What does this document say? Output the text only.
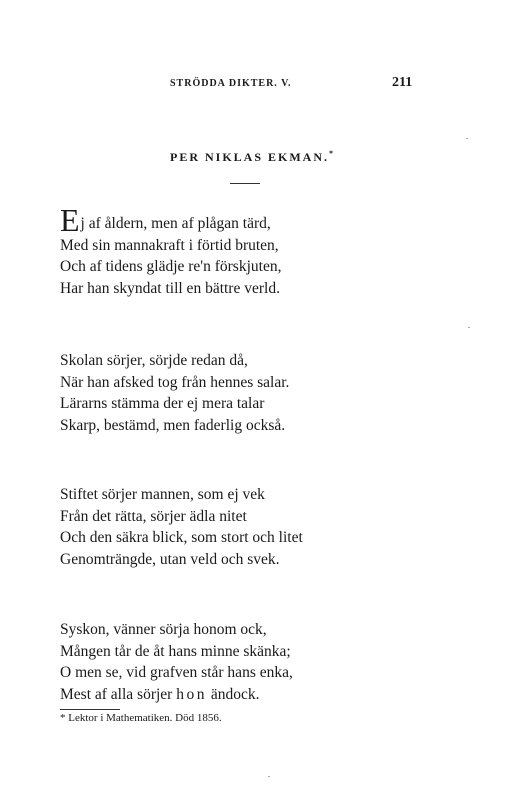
STRÖDDA DIKTER. V.	211
PER NIKLAS EKMAN.*
Ej af åldern, men af plågan tärd,
Med sin mannakraft i förtid bruten,
Och af tidens glädje re'n förskjuten,
Har han skyndat till en bättre verld.
Skolan sörjer, sörjde redan då,
När han afsked tog från hennes salar.
Lärarns stämma der ej mera talar
Skarp, bestämd, men faderlig också.
Stiftet sörjer mannen, som ej vek
Från det rätta, sörjer ädla nitet
Och den säkra blick, som stort och litet
Genomträngde, utan veld och svek.
Syskon, vänner sörja honom ock,
Mången tår de åt hans minne skänka;
O men se, vid grafven står hans enka,
Mest af alla sörjer hon ändock.
* Lektor i Mathematiken. Död 1856.
